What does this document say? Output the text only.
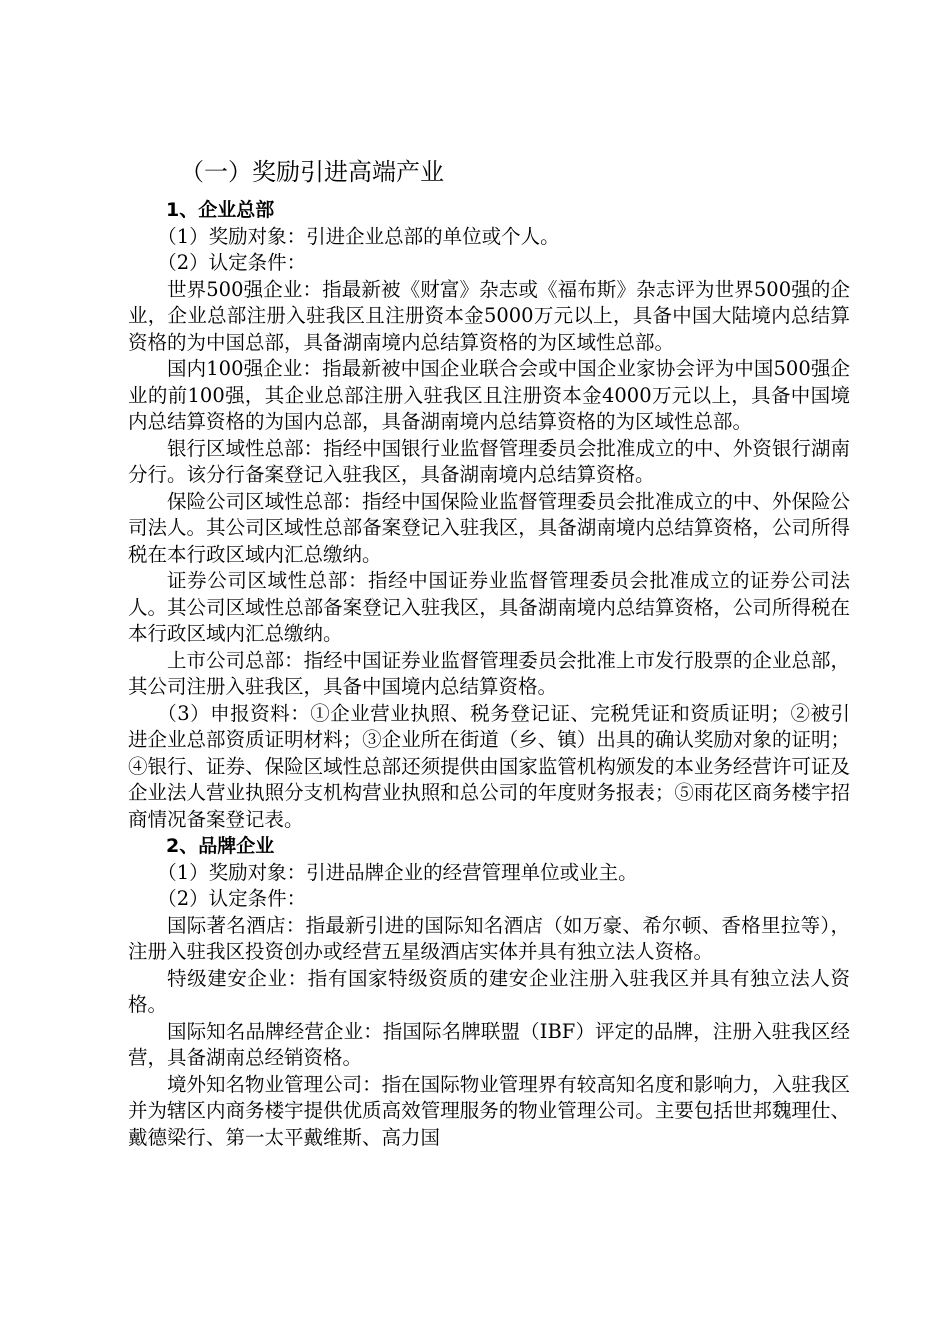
（一）奖励引进高端产业

1、企业总部

（1）奖励对象：引进企业总部的单位或个人。

（2）认定条件：

世界500强企业：指最新被《财富》杂志或《福布斯》杂志评为世界500强的企业，企业总部注册入驻我区且注册资本金5000万元以上，具备中国大陆境内总结算资格的为中国总部，具备湖南境内总结算资格的为区域性总部。

国内100强企业：指最新被中国企业联合会或中国企业家协会评为中国500强企业的前100强，其企业总部注册入驻我区且注册资本金4000万元以上，具备中国境内总结算资格的为国内总部，具备湖南境内总结算资格的为区域性总部。

银行区域性总部：指经中国银行业监督管理委员会批准成立的中、外资银行湖南分行。该分行备案登记入驻我区，具备湖南境内总结算资格。

保险公司区域性总部：指经中国保险业监督管理委员会批准成立的中、外保险公司法人。其公司区域性总部备案登记入驻我区，具备湖南境内总结算资格，公司所得税在本行政区域内汇总缴纳。

证券公司区域性总部：指经中国证券业监督管理委员会批准成立的证券公司法人。其公司区域性总部备案登记入驻我区，具备湖南境内总结算资格，公司所得税在本行政区域内汇总缴纳。

上市公司总部：指经中国证券业监督管理委员会批准上市发行股票的企业总部，其公司注册入驻我区，具备中国境内总结算资格。

（3）申报资料：①企业营业执照、税务登记证、完税凭证和资质证明；②被引进企业总部资质证明材料；③企业所在街道（乡、镇）出具的确认奖励对象的证明；④银行、证券、保险区域性总部还须提供由国家监管机构颁发的本业务经营许可证及企业法人营业执照分支机构营业执照和总公司的年度财务报表；⑤雨花区商务楼宇招商情况备案登记表。

2、品牌企业

（1）奖励对象：引进品牌企业的经营管理单位或业主。

（2）认定条件：

国际著名酒店：指最新引进的国际知名酒店（如万豪、希尔顿、香格里拉等），注册入驻我区投资创办或经营五星级酒店实体并具有独立法人资格。

特级建安企业：指有国家特级资质的建安企业注册入驻我区并具有独立法人资格。

国际知名品牌经营企业：指国际名牌联盟（IBF）评定的品牌，注册入驻我区经营，具备湖南总经销资格。

境外知名物业管理公司：指在国际物业管理界有较高知名度和影响力，入驻我区并为辖区内商务楼宇提供优质高效管理服务的物业管理公司。主要包括世邦魏理仕、戴德梁行、第一太平戴维斯、高力国
